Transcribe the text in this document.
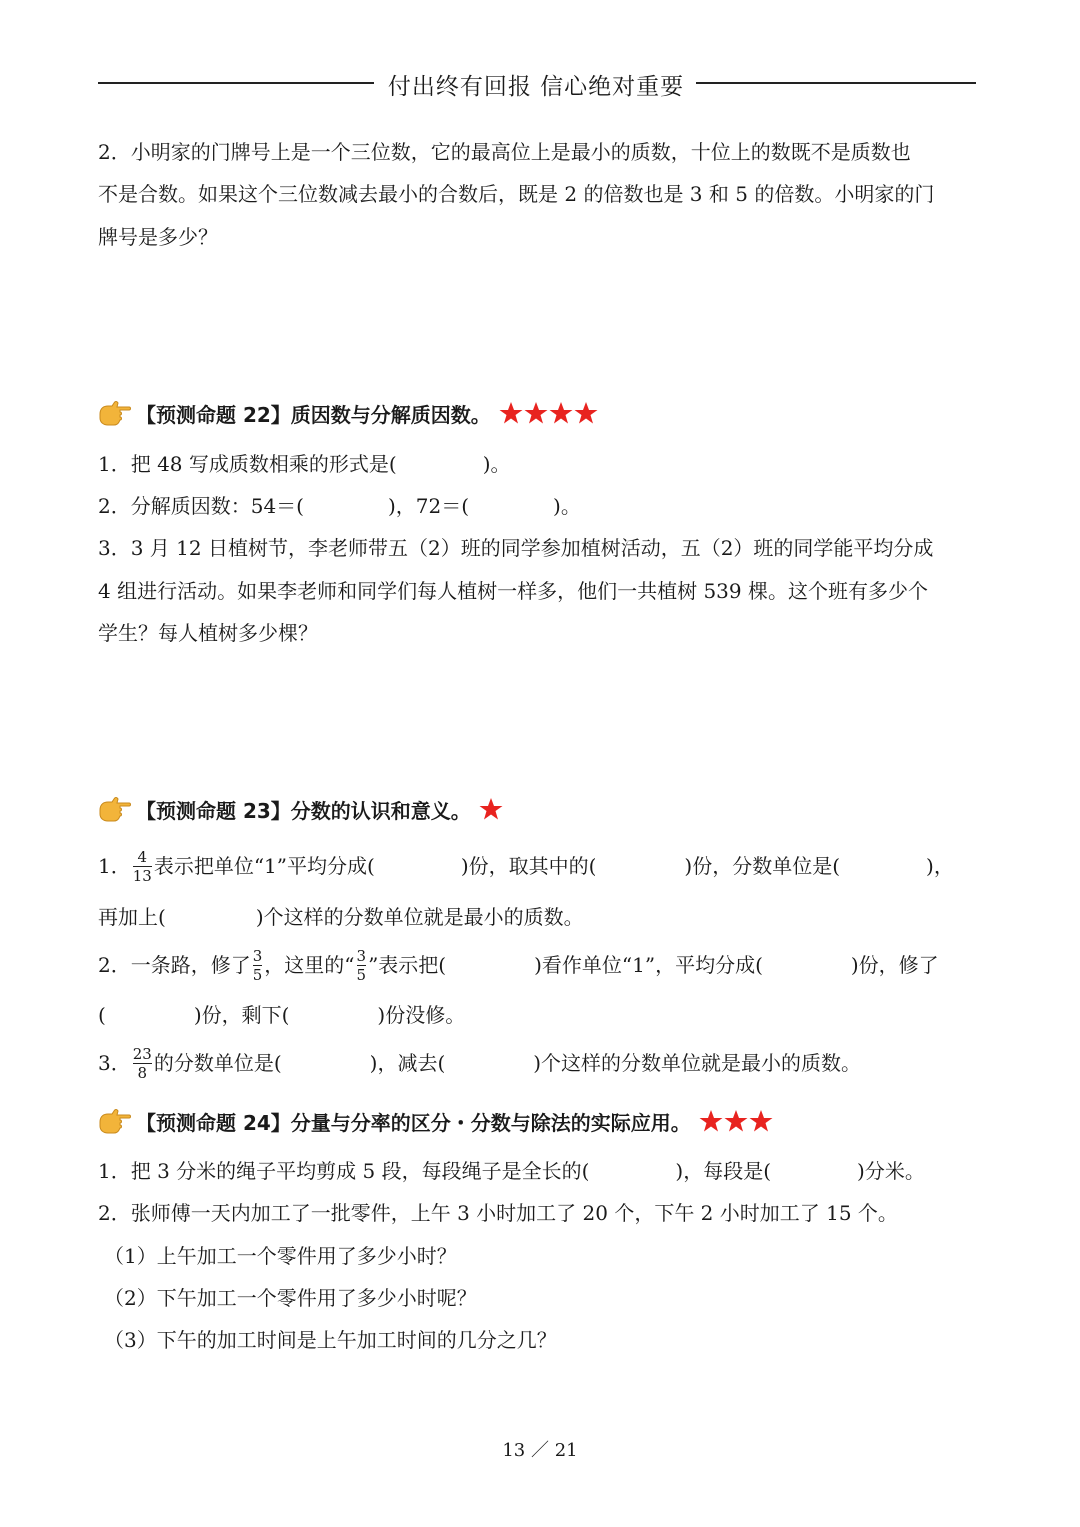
付出终有回报 信心绝对重要
2．小明家的门牌号上是一个三位数，它的最高位上是最小的质数，十位上的数既不是质数也
不是合数。如果这个三位数减去最小的合数后，既是 2 的倍数也是 3 和 5 的倍数。小明家的门
牌号是多少？
【预测命题 22】质因数与分解质因数。
1．把 48 写成质数相乘的形式是(	)。
2．分解质因数：54＝(	)，72＝(	)。
3．3 月 12 日植树节，李老师带五（2）班的同学参加植树活动，五（2）班的同学能平均分成
4 组进行活动。如果李老师和同学们每人植树一样多，他们一共植树 539 棵。这个班有多少个
学生？每人植树多少棵？
【预测命题 23】分数的认识和意义。
1． $\frac{4}{13}$ 表示把单位“1”平均分成(	)份，取其中的(	)份，分数单位是(	)，
再加上(	)个这样的分数单位就是最小的质数。
2．一条路，修了 $\frac{3}{5}$ ，这里的“ $\frac{3}{5}$ ”表示把(	)看作单位“1”，平均分成(	)份，修了
(	)份，剩下(	)份没修。
3． $\frac{23}{8}$ 的分数单位是(	)，减去(	)个这样的分数单位就是最小的质数。
【预测命题 24】分量与分率的区分・分数与除法的实际应用。
1．把 3 分米的绳子平均剪成 5 段，每段绳子是全长的(	)，每段是(	)分米。
2．张师傅一天内加工了一批零件，上午 3 小时加工了 20 个，下午 2 小时加工了 15 个。
（1）上午加工一个零件用了多少小时？
（2）下午加工一个零件用了多少小时呢？
（3）下午的加工时间是上午加工时间的几分之几？
13 ／ 21
